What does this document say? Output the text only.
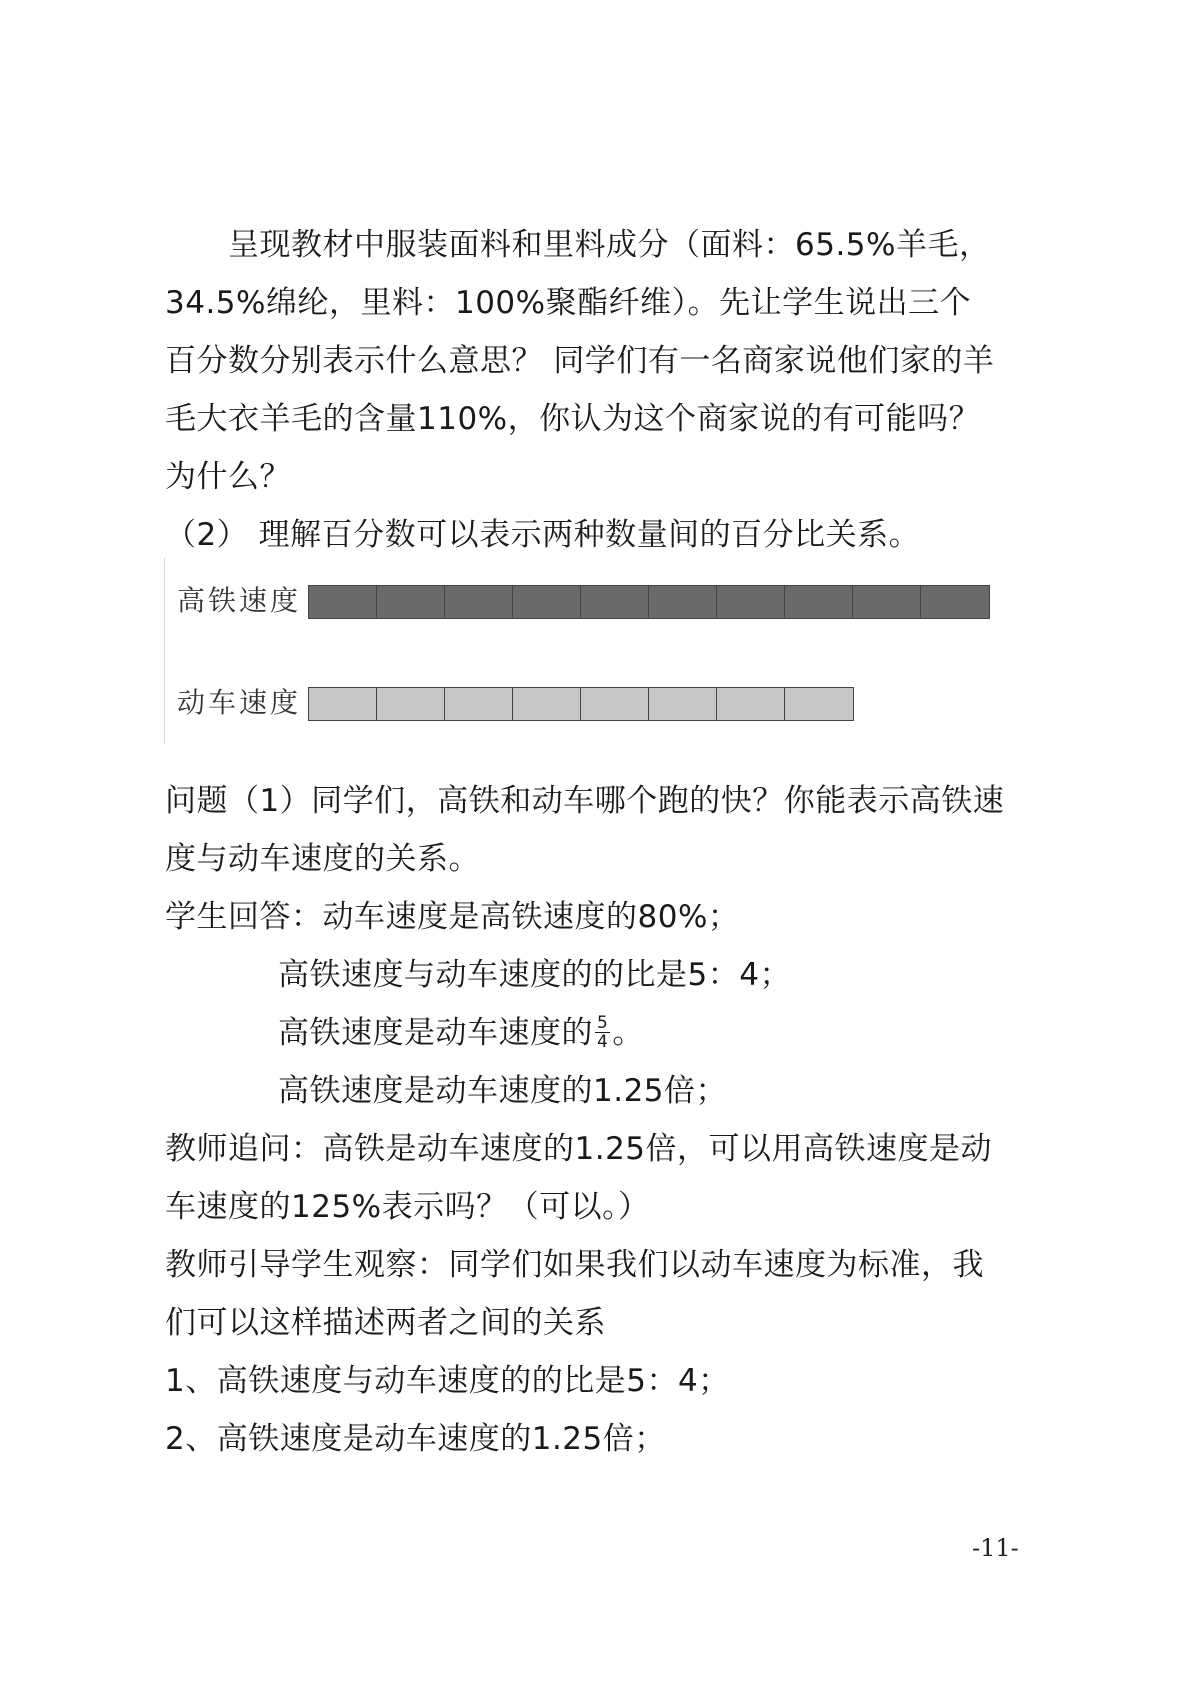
呈现教材中服装面料和里料成分（面料：65.5%羊毛，
34.5%绵纶，里料：100%聚酯纤维）。先让学生说出三个
百分数分别表示什么意思？ 同学们有一名商家说他们家的羊
毛大衣羊毛的含量110%，你认为这个商家说的有可能吗？
为什么？
（2） 理解百分数可以表示两种数量间的百分比关系。
高铁速度
动车速度
问题（1）同学们，高铁和动车哪个跑的快？你能表示高铁速
度与动车速度的关系。
学生回答：动车速度是高铁速度的80%；
高铁速度与动车速度的的比是5：4；
高铁速度是动车速度的 $\frac{5}{4}$ 。
高铁速度是动车速度的1.25倍；
教师追问：高铁是动车速度的1.25倍，可以用高铁速度是动
车速度的125%表示吗？（可以。）
教师引导学生观察：同学们如果我们以动车速度为标准，我
们可以这样描述两者之间的关系
1、高铁速度与动车速度的的比是5：4；
2、高铁速度是动车速度的1.25倍；
-11-
